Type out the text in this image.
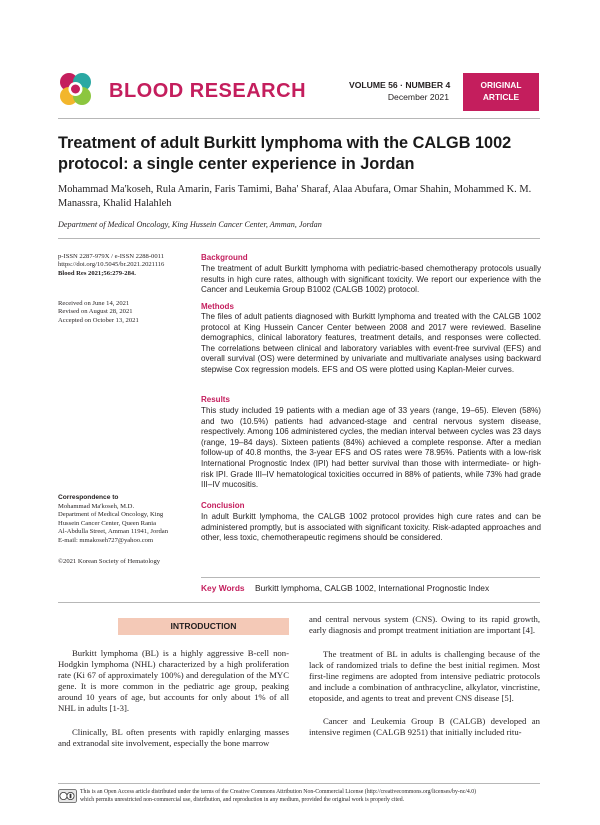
BLOOD RESEARCH	VOLUME 56 · NUMBER 4
December 2021
ORIGINAL
ARTICLE
Treatment of adult Burkitt lymphoma with the CALGB 1002 protocol: a single center experience in Jordan
Mohammad Ma'koseh, Rula Amarin, Faris Tamimi, Baha' Sharaf, Alaa Abufara, Omar Shahin, Mohammed K. M. Manassra, Khalid Halahleh
Department of Medical Oncology, King Hussein Cancer Center, Amman, Jordan
p-ISSN 2287-979X / e-ISSN 2288-0011
https://doi.org/10.5045/br.2021.2021116
Blood Res 2021;56:279-284.
Received on June 14, 2021
Revised on August 28, 2021
Accepted on October 13, 2021
Correspondence to
Mohammad Ma'koseh, M.D.
Department of Medical Oncology, King
Hussein Cancer Center, Queen Rania
Al-Abdulla Street, Amman 11941, Jordan
E-mail: mmakoseh727@yahoo.com
©2021 Korean Society of Hematology
Background
The treatment of adult Burkitt lymphoma with pediatric-based chemotherapy protocols usually results in high cure rates, although with significant toxicity. We report our experience with the Cancer and Leukemia Group B1002 (CALGB 1002) protocol.
Methods
The files of adult patients diagnosed with Burkitt lymphoma and treated with the CALGB 1002 protocol at King Hussein Cancer Center between 2008 and 2017 were reviewed. Baseline demographics, clinical laboratory features, treatment details, and responses were collected. The correlations between clinical and laboratory variables with event-free survival (EFS) and overall survival (OS) were determined by univariate and multivariate analyses using backward stepwise Cox regression models. EFS and OS were plotted using Kaplan-Meier curves.
Results
This study included 19 patients with a median age of 33 years (range, 19–65). Eleven (58%) and two (10.5%) patients had advanced-stage and central nervous system disease, respectively. Among 106 administered cycles, the median interval between cycles was 23 days (range, 19–84 days). Sixteen patients (84%) achieved a complete response. After a median follow-up of 40.8 months, the 3-year EFS and OS rates were 78.95%. Patients with a low-risk International Prognostic Index (IPI) had better survival than those with intermediate- or high-risk IPI. Grade III–IV hematological toxicities occurred in 88% of patients, while 73% had grade III–IV mucositis.
Conclusion
In adult Burkitt lymphoma, the CALGB 1002 protocol provides high cure rates and can be administered promptly, but is associated with significant toxicity. Risk-adapted approaches and other, less toxic, chemotherapeutic regimens should be considered.
Key Words Burkitt lymphoma, CALGB 1002, International Prognostic Index
INTRODUCTION
Burkitt lymphoma (BL) is a highly aggressive B-cell non-Hodgkin lymphoma (NHL) characterized by a high proliferation rate (Ki 67 of approximately 100%) and deregulation of the MYC gene. It is more common in the pediatric age group, peaking around 10 years of age, but accounts for only about 1% of all NHL in adults [1-3].
Clinically, BL often presents with rapidly enlarging masses and extranodal site involvement, especially the bone marrow
and central nervous system (CNS). Owing to its rapid growth, early diagnosis and prompt treatment initiation are important [4].
The treatment of BL in adults is challenging because of the lack of randomized trials to define the best initial regimen. Most first-line regimens are adopted from intensive pediatric protocols and include a combination of anthracycline, alkylator, vincristine, etoposide, and agents to treat and prevent CNS disease [5].
Cancer and Leukemia Group B (CALGB) developed an intensive regimen (CALGB 9251) that initially included ritu-
This is an Open Access article distributed under the terms of the Creative Commons Attribution Non-Commercial License (http://creativecommons.org/licenses/by-nc/4.0)
which permits unrestricted non-commercial use, distribution, and reproduction in any medium, provided the original work is properly cited.
